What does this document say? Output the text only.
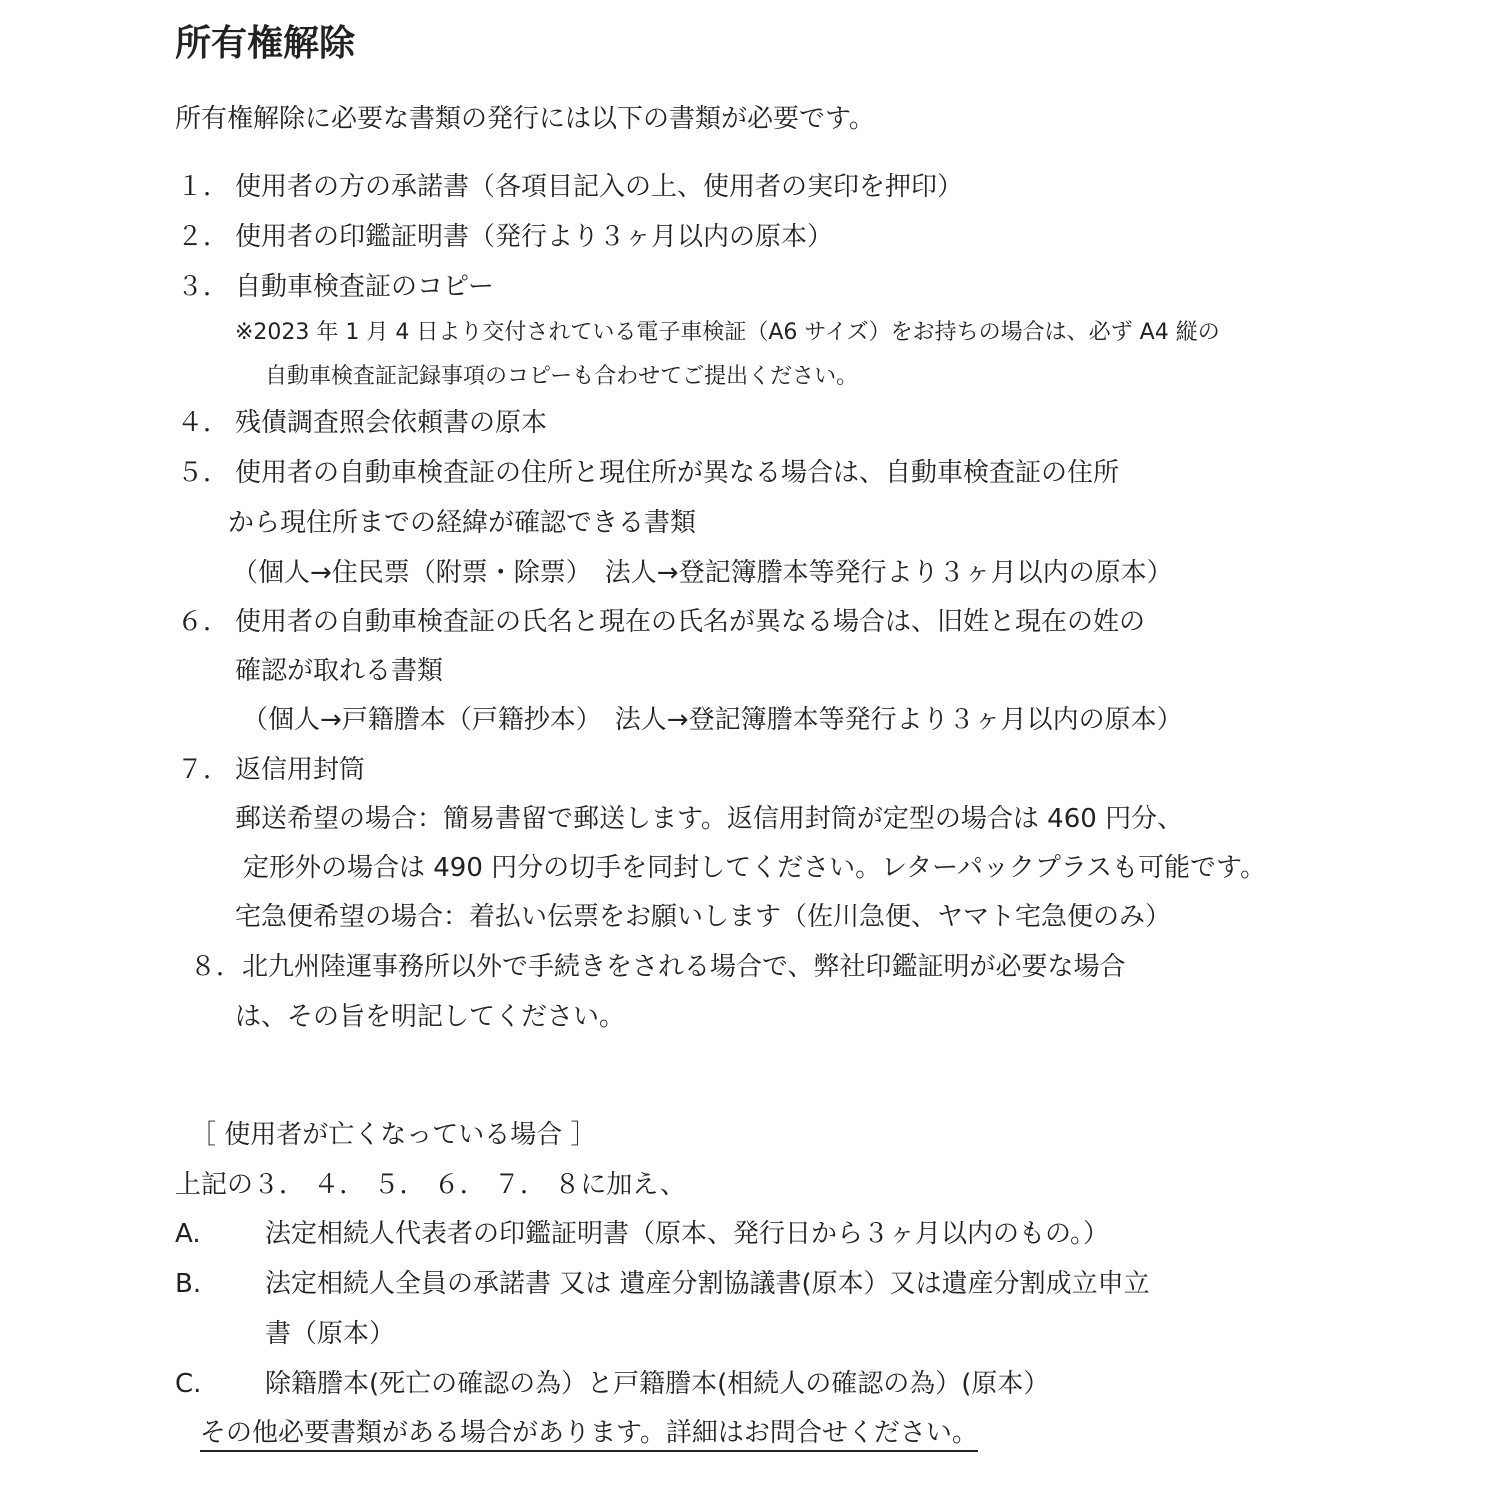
所有権解除
所有権解除に必要な書類の発行には以下の書類が必要です。
１． 使用者の方の承諾書（各項目記入の上、使用者の実印を押印）
２． 使用者の印鑑証明書（発行より３ヶ月以内の原本）
３． 自動車検査証のコピー
※2023 年 1 月 4 日より交付されている電子車検証（A6 サイズ）をお持ちの場合は、必ず A4 縦の
自動車検査証記録事項のコピーも合わせてご提出ください。
４． 残債調査照会依頼書の原本
５． 使用者の自動車検査証の住所と現住所が異なる場合は、自動車検査証の住所
から現住所までの経緯が確認できる書類
（個人→住民票（附票・除票）　法人→登記簿謄本等発行より３ヶ月以内の原本）
６． 使用者の自動車検査証の氏名と現在の氏名が異なる場合は、旧姓と現在の姓の
確認が取れる書類
（個人→戸籍謄本（戸籍抄本）　法人→登記簿謄本等発行より３ヶ月以内の原本）
７． 返信用封筒
郵送希望の場合：簡易書留で郵送します。返信用封筒が定型の場合は 460 円分、
定形外の場合は 490 円分の切手を同封してください。レターパックプラスも可能です。
宅急便希望の場合：着払い伝票をお願いします（佐川急便、ヤマト宅急便のみ）
８．北九州陸運事務所以外で手続きをされる場合で、弊社印鑑証明が必要な場合
は、その旨を明記してください。
［ 使用者が亡くなっている場合 ］
上記の３． ４． ５． ６． ７． ８に加え、
A. 法定相続人代表者の印鑑証明書（原本、発行日から３ヶ月以内のもの。）
B. 法定相続人全員の承諾書 又は 遺産分割協議書(原本）又は遺産分割成立申立
書（原本）
C. 除籍謄本(死亡の確認の為）と戸籍謄本(相続人の確認の為）(原本）
その他必要書類がある場合があります。詳細はお問合せください。
